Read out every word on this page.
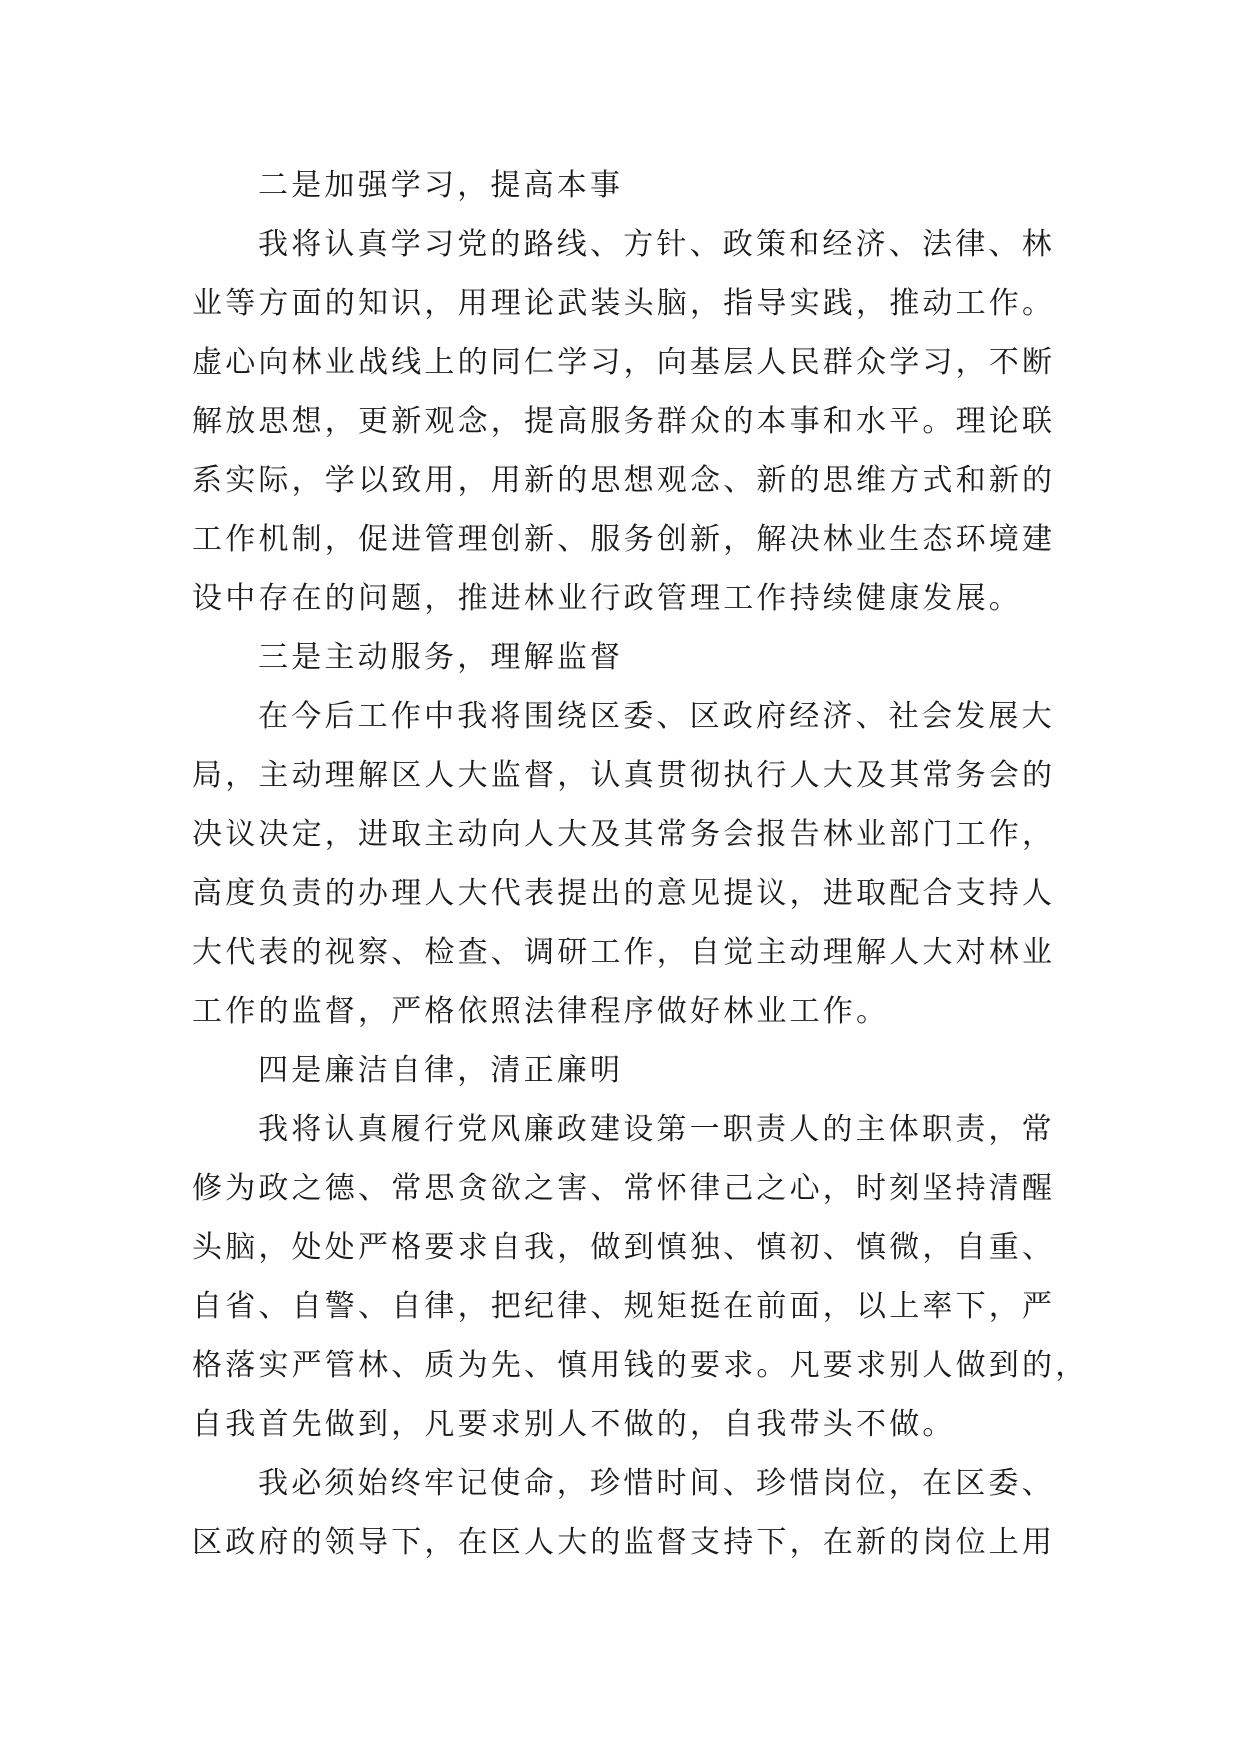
二是加强学习，提高本事
我将认真学习党的路线、方针、政策和经济、法律、林
业等方面的知识，用理论武装头脑，指导实践，推动工作。
虚心向林业战线上的同仁学习，向基层人民群众学习，不断
解放思想，更新观念，提高服务群众的本事和水平。理论联
系实际，学以致用，用新的思想观念、新的思维方式和新的
工作机制，促进管理创新、服务创新，解决林业生态环境建
设中存在的问题，推进林业行政管理工作持续健康发展。
三是主动服务，理解监督
在今后工作中我将围绕区委、区政府经济、社会发展大
局，主动理解区人大监督，认真贯彻执行人大及其常务会的
决议决定，进取主动向人大及其常务会报告林业部门工作，
高度负责的办理人大代表提出的意见提议，进取配合支持人
大代表的视察、检查、调研工作，自觉主动理解人大对林业
工作的监督，严格依照法律程序做好林业工作。
四是廉洁自律，清正廉明
我将认真履行党风廉政建设第一职责人的主体职责，常
修为政之德、常思贪欲之害、常怀律己之心，时刻坚持清醒
头脑，处处严格要求自我，做到慎独、慎初、慎微，自重、
自省、自警、自律，把纪律、规矩挺在前面，以上率下，严
格落实严管林、质为先、慎用钱的要求。凡要求别人做到的，
自我首先做到，凡要求别人不做的，自我带头不做。
我必须始终牢记使命，珍惜时间、珍惜岗位，在区委、
区政府的领导下，在区人大的监督支持下，在新的岗位上用
